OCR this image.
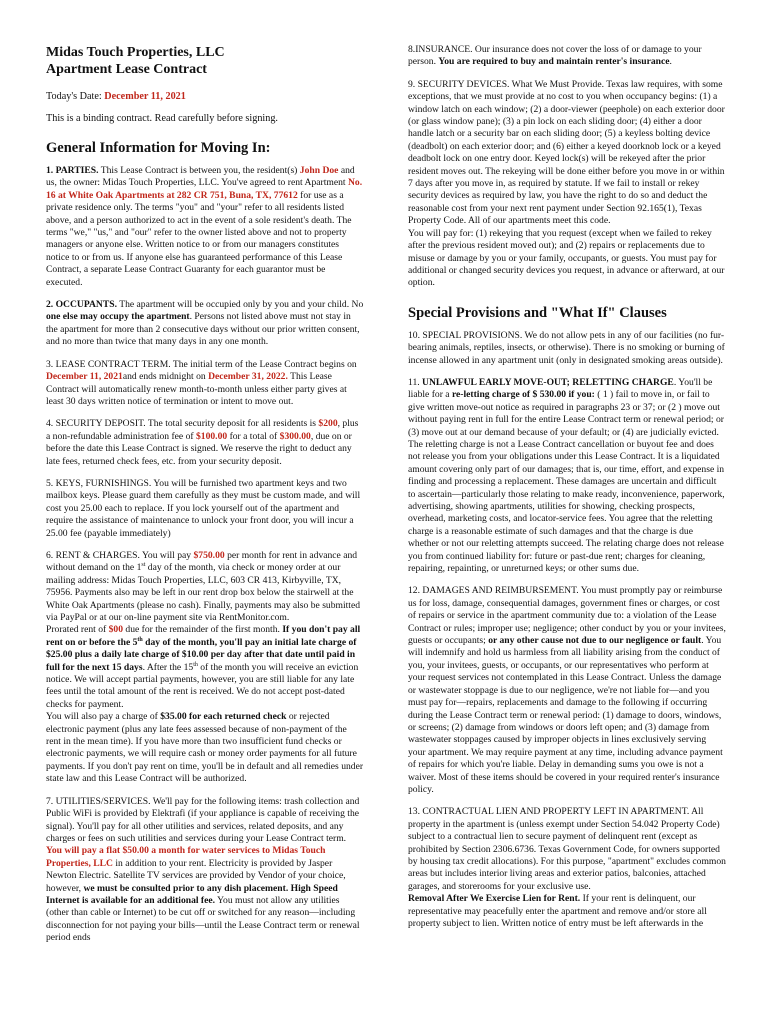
Midas Touch Properties, LLC
Apartment Lease Contract
Today's Date: December 11, 2021
This is a binding contract. Read carefully before signing.
General Information for Moving In:

1. PARTIES. This Lease Contract is between you, the resident(s) John Doe and us, the owner: Midas Touch Properties, LLC. You've agreed to rent Apartment No. 16 at White Oak Apartments at 282 CR 751, Buna, TX, 77612 for use as a private residence only. The terms "you" and "your" refer to all residents listed above, and a person authorized to act in the event of a sole resident's death. The terms "we," "us," and "our" refer to the owner listed above and not to property managers or anyone else. Written notice to or from our managers constitutes notice to or from us. If anyone else has guaranteed performance of this Lease Contract, a separate Lease Contract Guaranty for each guarantor must be executed.

2. OCCUPANTS. The apartment will be occupied only by you and your child. No one else may occupy the apartment. Persons not listed above must not stay in the apartment for more than 2 consecutive days without our prior written consent, and no more than twice that many days in any one month.

3. LEASE CONTRACT TERM. The initial term of the Lease Contract begins on December 11, 2021and ends midnight on December 31, 2022. This Lease Contract will automatically renew month-to-month unless either party gives at least 30 days written notice of termination or intent to move out.

4. SECURITY DEPOSIT. The total security deposit for all residents is $200, plus a non-refundable administration fee of $100.00 for a total of $300.00, due on or before the date this Lease Contract is signed. We reserve the right to deduct any late fees, returned check fees, etc. from your security deposit.

5. KEYS, FURNISHINGS. You will be furnished two apartment keys and two mailbox keys. Please guard them carefully as they must be custom made, and will cost you 25.00 each to replace. If you lock yourself out of the apartment and require the assistance of maintenance to unlock your front door, you will incur a 25.00 fee (payable immediately)

6. RENT & CHARGES. You will pay $750.00 per month for rent in advance and without demand on the 1st day of the month, via check or money order at our mailing address: Midas Touch Properties, LLC, 603 CR 413, Kirbyville, TX, 75956. Payments also may be left in our rent drop box below the stairwell at the White Oak Apartments (please no cash). Finally, payments may also be submitted via PayPal or at our on-line payment site via RentMonitor.com.
Prorated rent of $00 due for the remainder of the first month. If you don't pay all rent on or before the 5th day of the month, you'll pay an initial late charge of $25.00 plus a daily late charge of $10.00 per day after that date until paid in full for the next 15 days. After the 15th of the month you will receive an eviction notice. We will accept partial payments, however, you are still liable for any late fees until the total amount of the rent is received. We do not accept post-dated checks for payment.
You will also pay a charge of $35.00 for each returned check or rejected electronic payment (plus any late fees assessed because of non-payment of the rent in the mean time). If you have more than two insufficient fund checks or electronic payments, we will require cash or money order payments for all future payments. If you don't pay rent on time, you'll be in default and all remedies under state law and this Lease Contract will be authorized.

7. UTILITIES/SERVICES. We'll pay for the following items: trash collection and Public WiFi is provided by Elektrafi (if your appliance is capable of receiving the signal). You'll pay for all other utilities and services, related deposits, and any charges or fees on such utilities and services during your Lease Contract term. You will pay a flat $50.00 a month for water services to Midas Touch Properties, LLC in addition to your rent. Electricity is provided by Jasper Newton Electric. Satellite TV services are provided by Vendor of your choice, however, we must be consulted prior to any dish placement. High Speed Internet is available for an additional fee. You must not allow any utilities (other than cable or Internet) to be cut off or switched for any reason—including disconnection for not paying your bills—until the Lease Contract term or renewal period ends

8.INSURANCE. Our insurance does not cover the loss of or damage to your person. You are required to buy and maintain renter's insurance.

9. SECURITY DEVICES. What We Must Provide. Texas law requires, with some exceptions, that we must provide at no cost to you when occupancy begins: (1) a window latch on each window; (2) a door-viewer (peephole) on each exterior door (or glass window pane); (3) a pin lock on each sliding door; (4) either a door handle latch or a security bar on each sliding door; (5) a keyless bolting device (deadbolt) on each exterior door; and (6) either a keyed doorknob lock or a keyed deadbolt lock on one entry door. Keyed lock(s) will be rekeyed after the prior resident moves out. The rekeying will be done either before you move in or within 7 days after you move in, as required by statute. If we fail to install or rekey security devices as required by law, you have the right to do so and deduct the reasonable cost from your next rent payment under Section 92.165(1), Texas Property Code. All of our apartments meet this code.
You will pay for: (1) rekeying that you request (except when we failed to rekey after the previous resident moved out); and (2) repairs or replacements due to misuse or damage by you or your family, occupants, or guests. You must pay for additional or changed security devices you request, in advance or afterward, at our option.

Special Provisions and "What If" Clauses

10. SPECIAL PROVISIONS. We do not allow pets in any of our facilities (no fur-bearing animals, reptiles, insects, or otherwise). There is no smoking or burning of incense allowed in any apartment unit (only in designated smoking areas outside).

11. UNLAWFUL EARLY MOVE-OUT; RELETTING CHARGE. You'll be liable for a re-letting charge of $ 530.00 if you: ( 1 ) fail to move in, or fail to give written move-out notice as required in paragraphs 23 or 37; or (2 ) move out without paying rent in full for the entire Lease Contract term or renewal period; or (3) move out at our demand because of your default; or (4) are judicially evicted.
The reletting charge is not a Lease Contract cancellation or buyout fee and does not release you from your obligations under this Lease Contract. It is a liquidated amount covering only part of our damages; that is, our time, effort, and expense in finding and processing a replacement. These damages are uncertain and difficult to ascertain—particularly those relating to make ready, inconvenience, paperwork, advertising, showing apartments, utilities for showing, checking prospects, overhead, marketing costs, and locator-service fees. You agree that the reletting charge is a reasonable estimate of such damages and that the charge is due whether or not our reletting attempts succeed. The relating charge does not release you from continued liability for: future or past-due rent; charges for cleaning, repairing, repainting, or unreturned keys; or other sums due.

12. DAMAGES AND REIMBURSEMENT. You must promptly pay or reimburse us for loss, damage, consequential damages, government fines or charges, or cost of repairs or service in the apartment community due to: a violation of the Lease Contract or rules; improper use; negligence; other conduct by you or your invitees, guests or occupants; or any other cause not due to our negligence or fault. You will indemnify and hold us harmless from all liability arising from the conduct of you, your invitees, guests, or occupants, or our representatives who perform at your request services not contemplated in this Lease Contract. Unless the damage or wastewater stoppage is due to our negligence, we're not liable for—and you must pay for—repairs, replacements and damage to the following if occurring during the Lease Contract term or renewal period: (1) damage to doors, windows, or screens; (2) damage from windows or doors left open; and (3) damage from wastewater stoppages caused by improper objects in lines exclusively serving your apartment. We may require payment at any time, including advance payment of repairs for which you're liable. Delay in demanding sums you owe is not a waiver. Most of these items should be covered in your required renter's insurance policy.

13. CONTRACTUAL LIEN AND PROPERTY LEFT IN APARTMENT. All property in the apartment is (unless exempt under Section 54.042 Property Code) subject to a contractual lien to secure payment of delinquent rent (except as prohibited by Section 2306.6736. Texas Government Code, for owners supported by housing tax credit allocations). For this purpose, "apartment" excludes common areas but includes interior living areas and exterior patios, balconies, attached garages, and storerooms for your exclusive use.
Removal After We Exercise Lien for Rent. If your rent is delinquent, our representative may peacefully enter the apartment and remove and/or store all property subject to lien. Written notice of entry must be left afterwards in the
